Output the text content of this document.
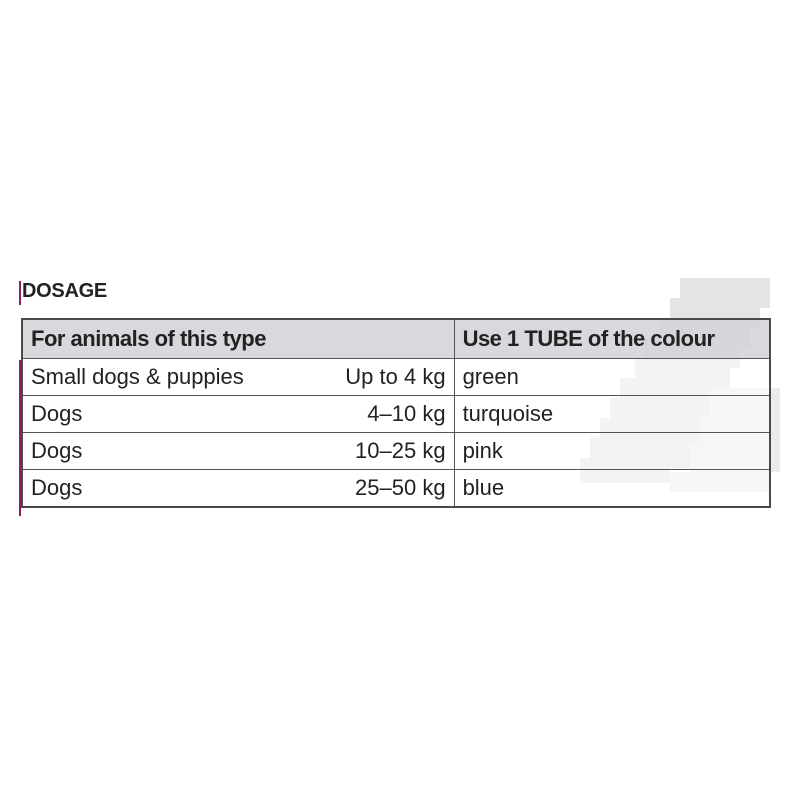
DOSAGE
For animals of this type	Use 1 TUBE of the colour

Small dogs & puppies Up to 4 kg	green

Dogs 4–10 kg	turquoise

Dogs 10–25 kg	pink

Dogs 25–50 kg	blue
